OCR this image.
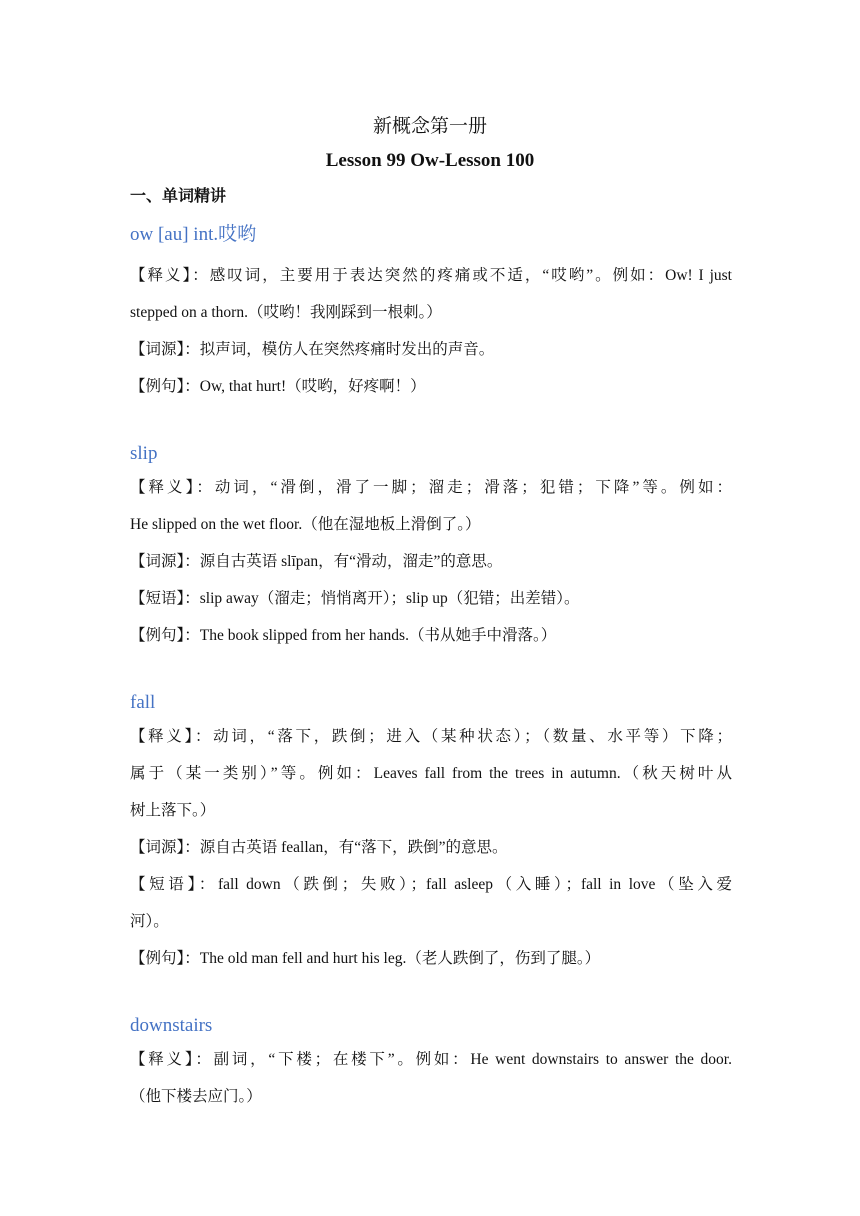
新概念第一册
Lesson 99 Ow-Lesson 100
一、单词精讲
ow [au] int.哎哟
【释义】：感叹词，主要用于表达突然的疼痛或不适，“哎哟”。例如：Ow! I just
stepped on a thorn.（哎哟！我刚踩到一根刺。）
【词源】：拟声词，模仿人在突然疼痛时发出的声音。
【例句】：Ow, that hurt!（哎哟，好疼啊！）
slip
【释义】：动词，“滑倒，滑了一脚；溜走；滑落；犯错；下降”等。例如：
He slipped on the wet floor.（他在湿地板上滑倒了。）
【词源】：源自古英语 slīpan，有“滑动，溜走”的意思。
【短语】：slip away（溜走；悄悄离开）；slip up（犯错；出差错）。
【例句】：The book slipped from her hands.（书从她手中滑落。）
fall
【释义】：动词，“落下，跌倒；进入（某种状态）；（数量、水平等）下降；
属于（某一类别）”等。例如：Leaves fall from the trees in autumn.（秋天树叶从
树上落下。）
【词源】：源自古英语 feallan，有“落下，跌倒”的意思。
【短语】：fall down（跌倒；失败）；fall asleep（入睡）；fall in love（坠入爱
河）。
【例句】：The old man fell and hurt his leg.（老人跌倒了，伤到了腿。）
downstairs
【释义】：副词，“下楼；在楼下”。例如：He went downstairs to answer the door.
（他下楼去应门。）
